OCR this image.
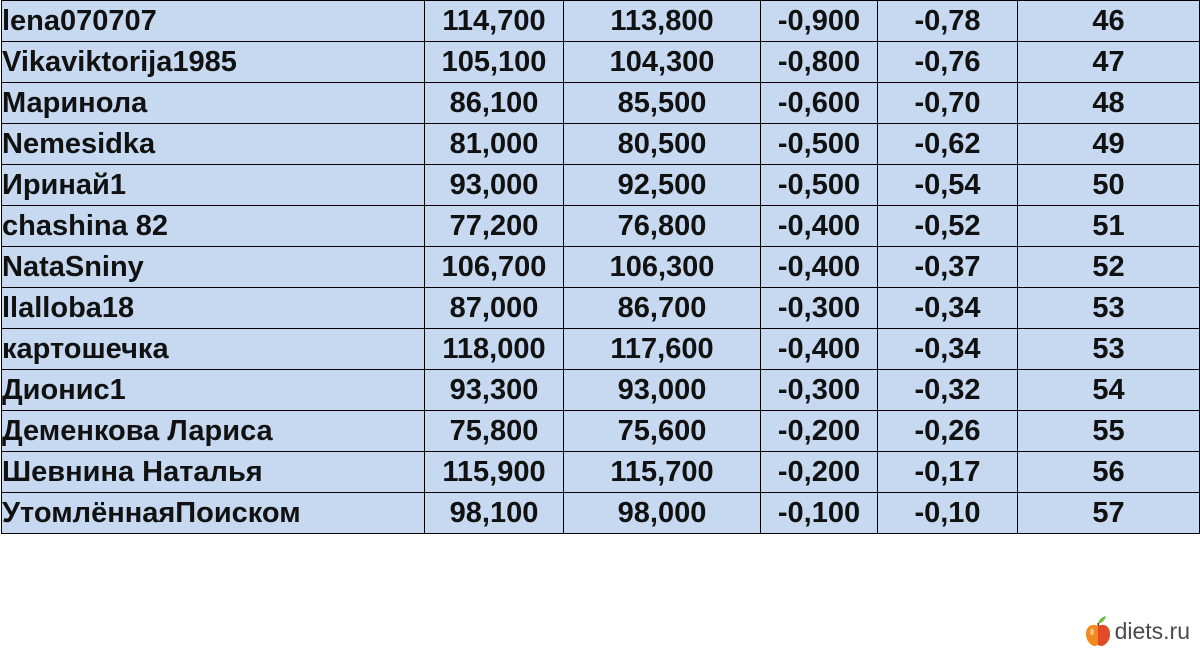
lena070707	114,700	113,800	-0,900	-0,78	46
Vikaviktorija1985	105,100	104,300	-0,800	-0,76	47
Маринола	86,100	85,500	-0,600	-0,70	48
Nemesidka	81,000	80,500	-0,500	-0,62	49
Иринай1	93,000	92,500	-0,500	-0,54	50
chashina 82	77,200	76,800	-0,400	-0,52	51
NataSniny	106,700	106,300	-0,400	-0,37	52
llalloba18	87,000	86,700	-0,300	-0,34	53
картошечка	118,000	117,600	-0,400	-0,34	53
Дионис1	93,300	93,000	-0,300	-0,32	54
Деменкова Лариса	75,800	75,600	-0,200	-0,26	55
Шевнина Наталья	115,900	115,700	-0,200	-0,17	56
УтомлённаяПоиском	98,100	98,000	-0,100	-0,10	57
diets.ru
